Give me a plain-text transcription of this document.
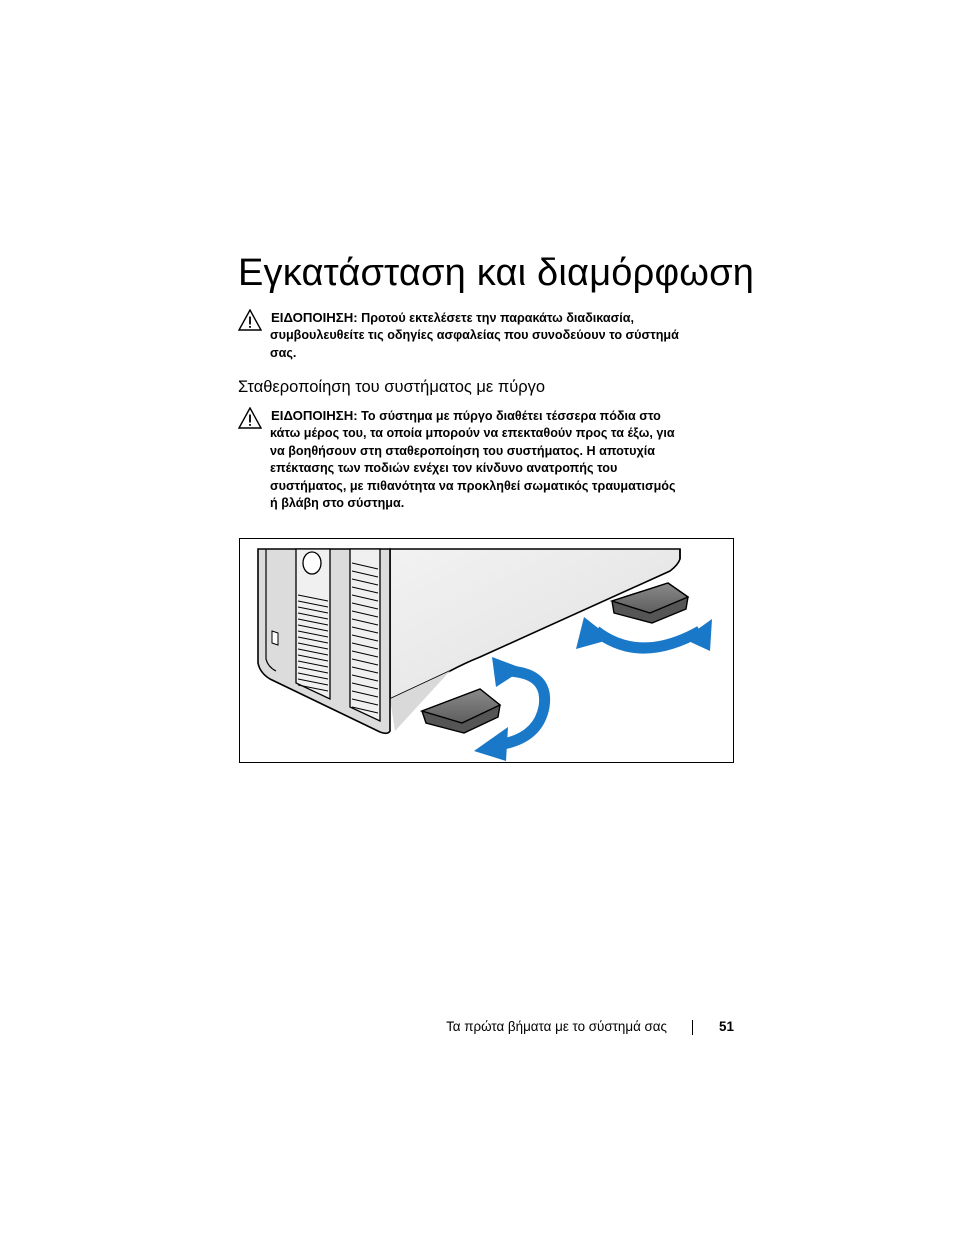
Εγκατάσταση και διαμόρφωση
ΕΙΔΟΠΟΙΗΣΗ: Προτού εκτελέσετε την παρακάτω διαδικασία,
συμβουλευθείτε τις οδηγίες ασφαλείας που συνοδεύουν το σύστημά
σας.
Σταθεροποίηση του συστήματος με πύργο
ΕΙΔΟΠΟΙΗΣΗ: Το σύστημα με πύργο διαθέτει τέσσερα πόδια στο
κάτω μέρος του, τα οποία μπορούν να επεκταθούν προς τα έξω, για
να βοηθήσουν στη σταθεροποίηση του συστήματος. Η αποτυχία
επέκτασης των ποδιών ενέχει τον κίνδυνο ανατροπής του
συστήματος, με πιθανότητα να προκληθεί σωματικός τραυματισμός
ή βλάβη στο σύστημα.
Τα πρώτα βήματα με το σύστημά σας	51
